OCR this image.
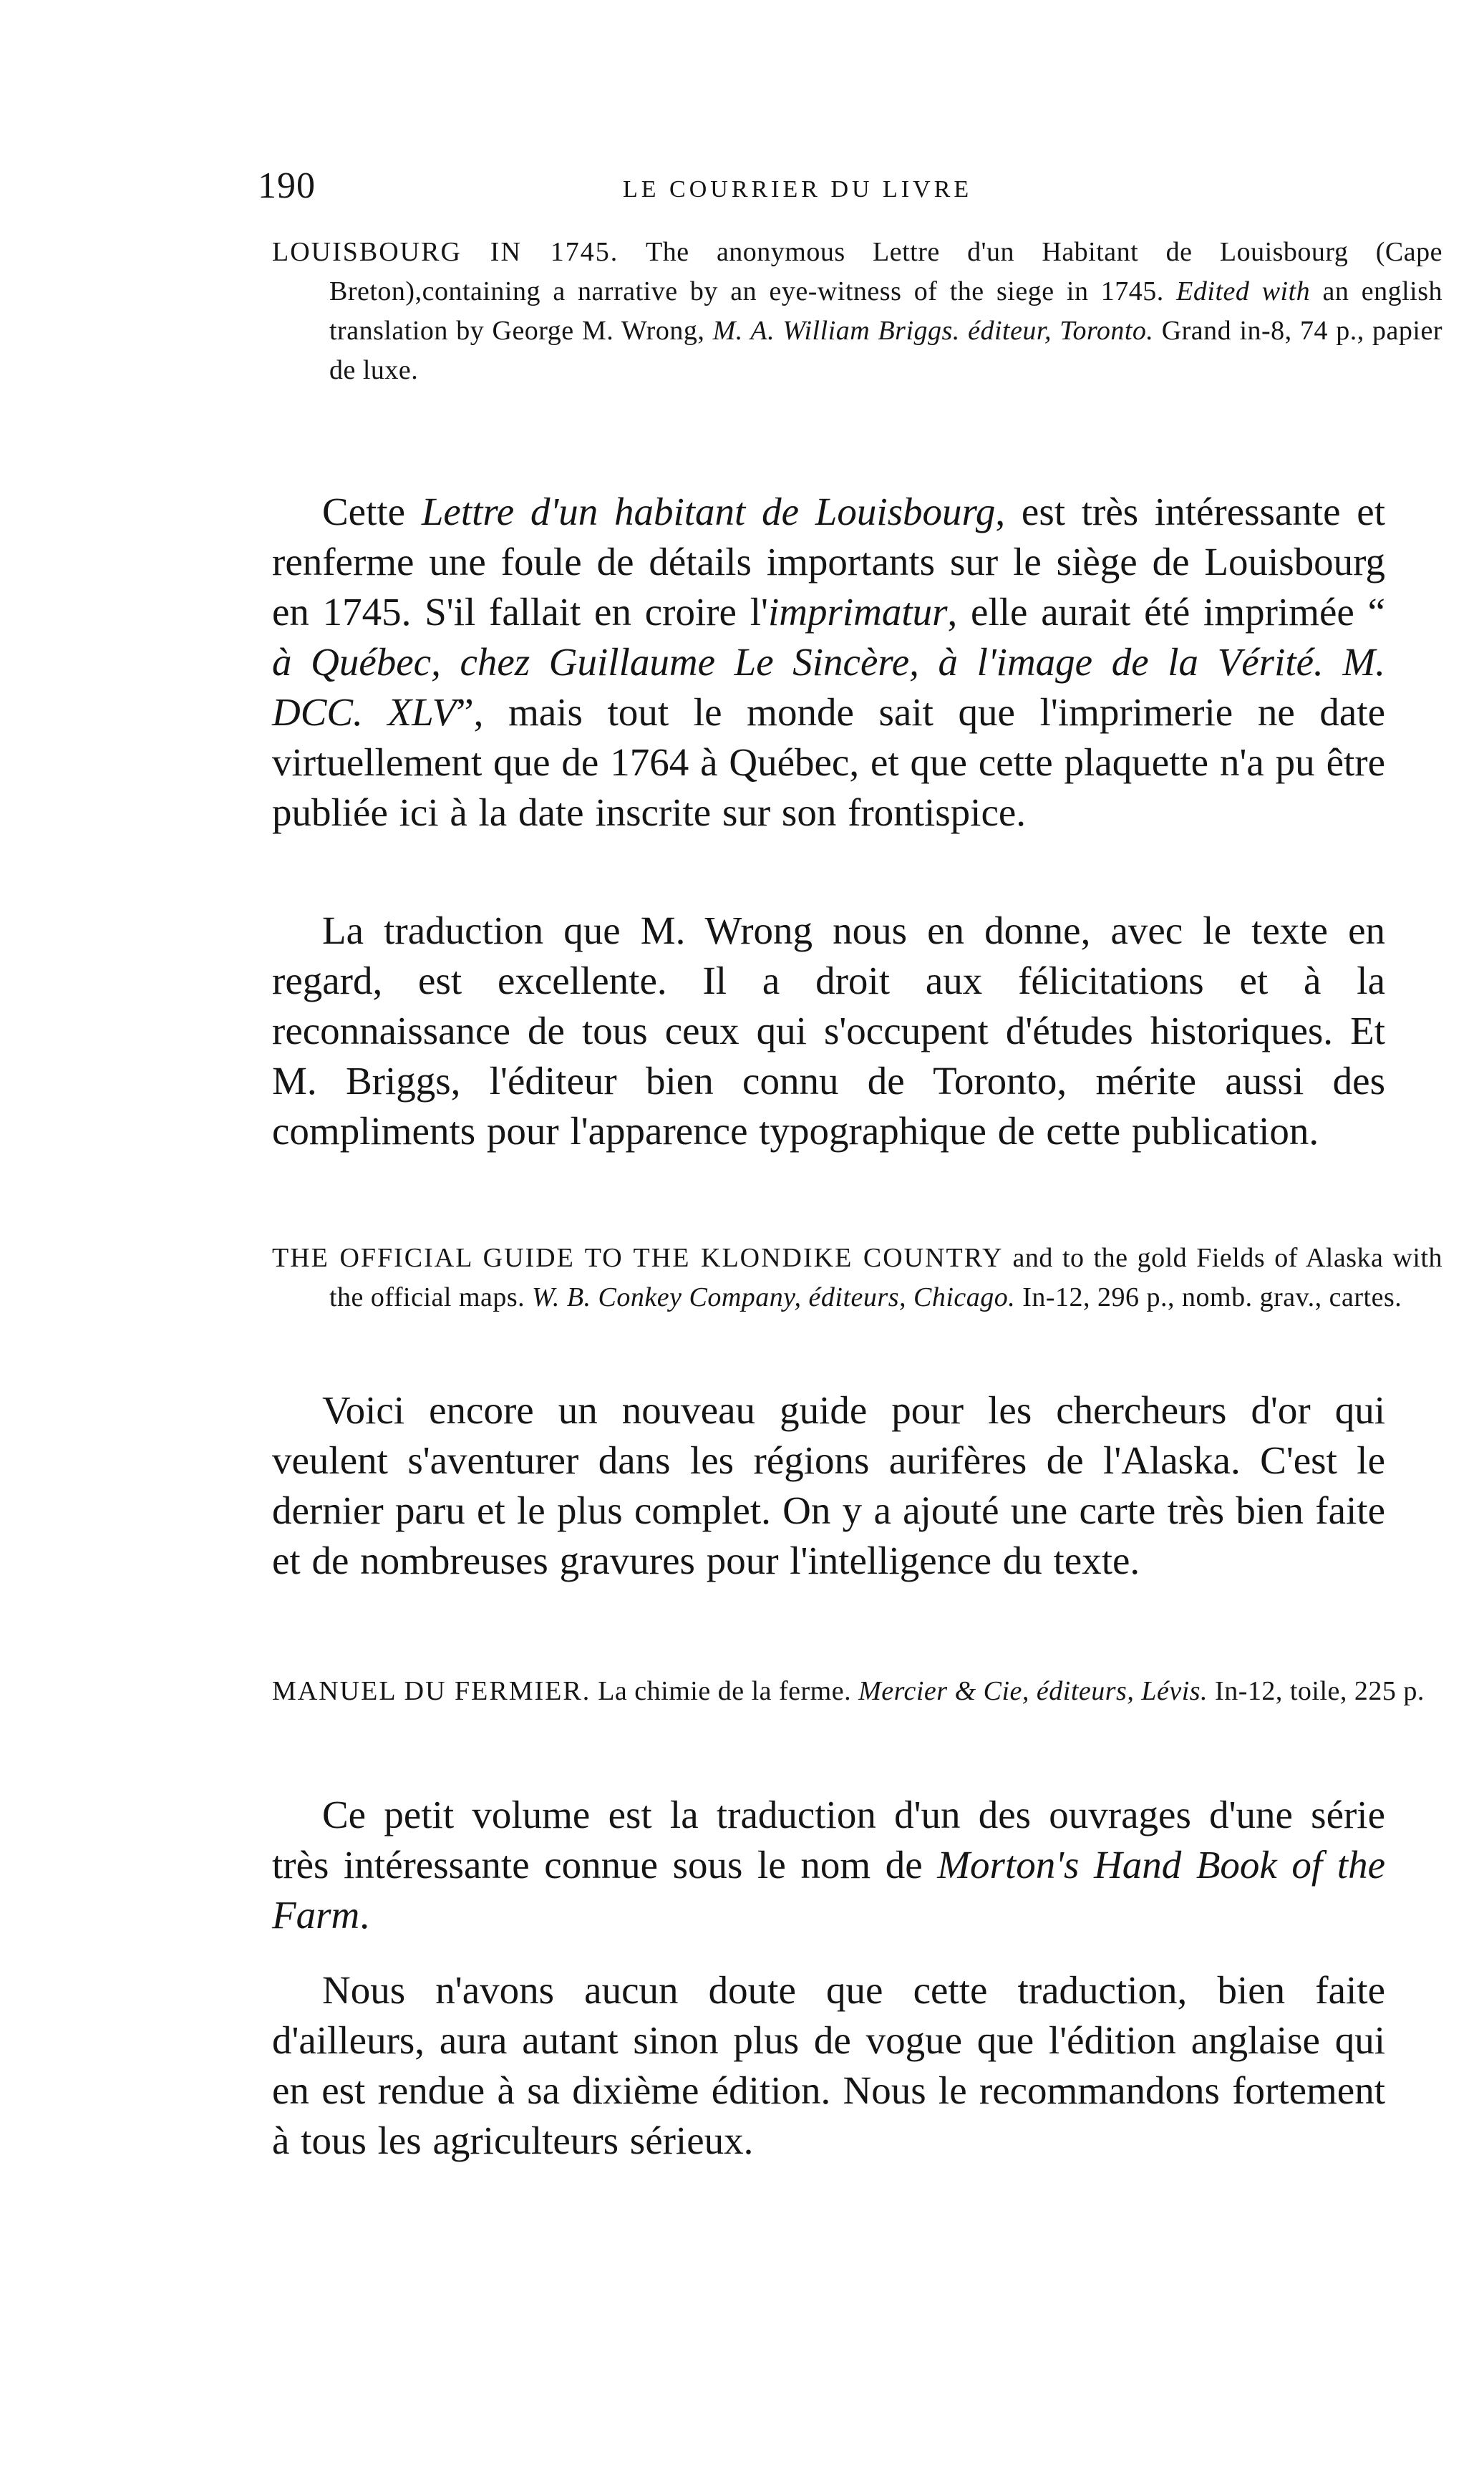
190	LE COURRIER DU LIVRE

LOUISBOURG IN 1745. The anonymous Lettre d'un Habitant de Louisbourg (Cape Breton),containing a narrative by an eye-witness of the siege in 1745. Edited with an english translation by George M. Wrong, M. A. William Briggs. éditeur, Toronto. Grand in-8, 74 p., papier de luxe.

Cette Lettre d'un habitant de Louisbourg, est très intéressante et renferme une foule de détails importants sur le siège de Louisbourg en 1745. S'il fallait en croire l'imprimatur, elle aurait été imprimée “ à Québec, chez Guillaume Le Sincère, à l'image de la Vérité. M. DCC. XLV”, mais tout le monde sait que l'imprimerie ne date virtuellement que de 1764 à Québec, et que cette plaquette n'a pu être publiée ici à la date inscrite sur son frontispice.

La traduction que M. Wrong nous en donne, avec le texte en regard, est excellente. Il a droit aux félicitations et à la reconnaissance de tous ceux qui s'occupent d'études historiques. Et M. Briggs, l'éditeur bien connu de Toronto, mérite aussi des compliments pour l'apparence typographique de cette publication.

THE OFFICIAL GUIDE TO THE KLONDIKE COUNTRY and to the gold Fields of Alaska with the official maps. W. B. Conkey Company, éditeurs, Chicago. In-12, 296 p., nomb. grav., cartes.

Voici encore un nouveau guide pour les chercheurs d'or qui veulent s'aventurer dans les régions aurifères de l'Alaska. C'est le dernier paru et le plus complet. On y a ajouté une carte très bien faite et de nombreuses gravures pour l'intelligence du texte.

MANUEL DU FERMIER. La chimie de la ferme. Mercier & Cie, éditeurs, Lévis. In-12, toile, 225 p.

Ce petit volume est la traduction d'un des ouvrages d'une série très intéressante connue sous le nom de Morton's Hand Book of the Farm.

Nous n'avons aucun doute que cette traduction, bien faite d'ailleurs, aura autant sinon plus de vogue que l'édition anglaise qui en est rendue à sa dixième édition. Nous le recommandons fortement à tous les agriculteurs sérieux.
